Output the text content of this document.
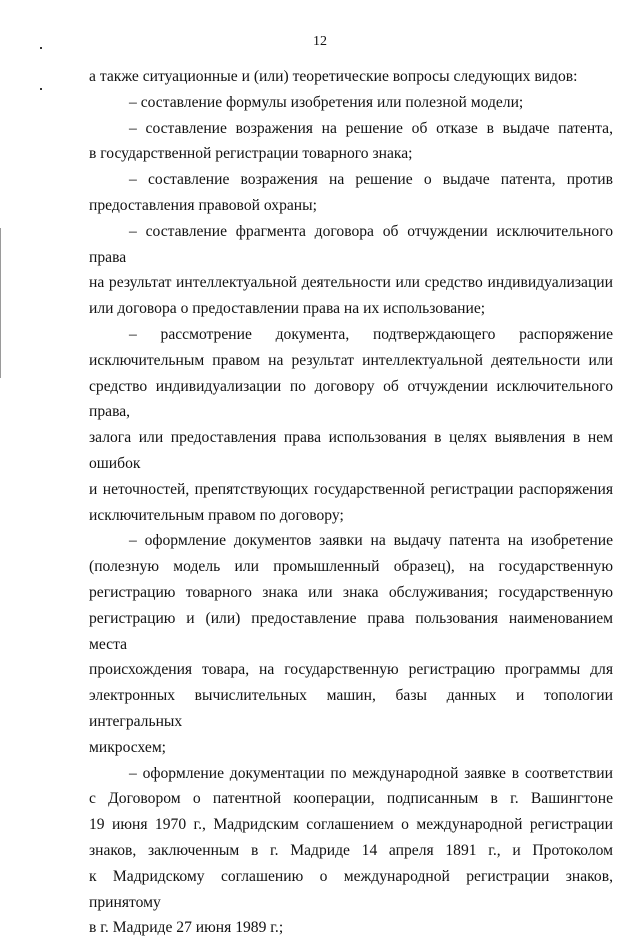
12
а также ситуационные и (или) теоретические вопросы следующих видов:
– составление формулы изобретения или полезной модели;
– составление возражения на решение об отказе в выдаче патента,
в государственной регистрации товарного знака;
– составление возражения на решение о выдаче патента, против
предоставления правовой охраны;
– составление фрагмента договора об отчуждении исключительного права
на результат интеллектуальной деятельности или средство индивидуализации
или договора о предоставлении права на их использование;
– рассмотрение документа, подтверждающего распоряжение
исключительным правом на результат интеллектуальной деятельности или
средство индивидуализации по договору об отчуждении исключительного права,
залога или предоставления права использования в целях выявления в нем ошибок
и неточностей, препятствующих государственной регистрации распоряжения
исключительным правом по договору;
– оформление документов заявки на выдачу патента на изобретение
(полезную модель или промышленный образец), на государственную
регистрацию товарного знака или знака обслуживания; государственную
регистрацию и (или) предоставление права пользования наименованием места
происхождения товара, на государственную регистрацию программы для
электронных вычислительных машин, базы данных и топологии интегральных
микросхем;
– оформление документации по международной заявке в соответствии
с Договором о патентной кооперации, подписанным в г. Вашингтоне
19 июня 1970 г., Мадридским соглашением о международной регистрации
знаков, заключенным в г. Мадриде 14 апреля 1891 г., и Протоколом
к Мадридскому соглашению о международной регистрации знаков, принятому
в г. Мадриде 27 июня 1989 г.;
